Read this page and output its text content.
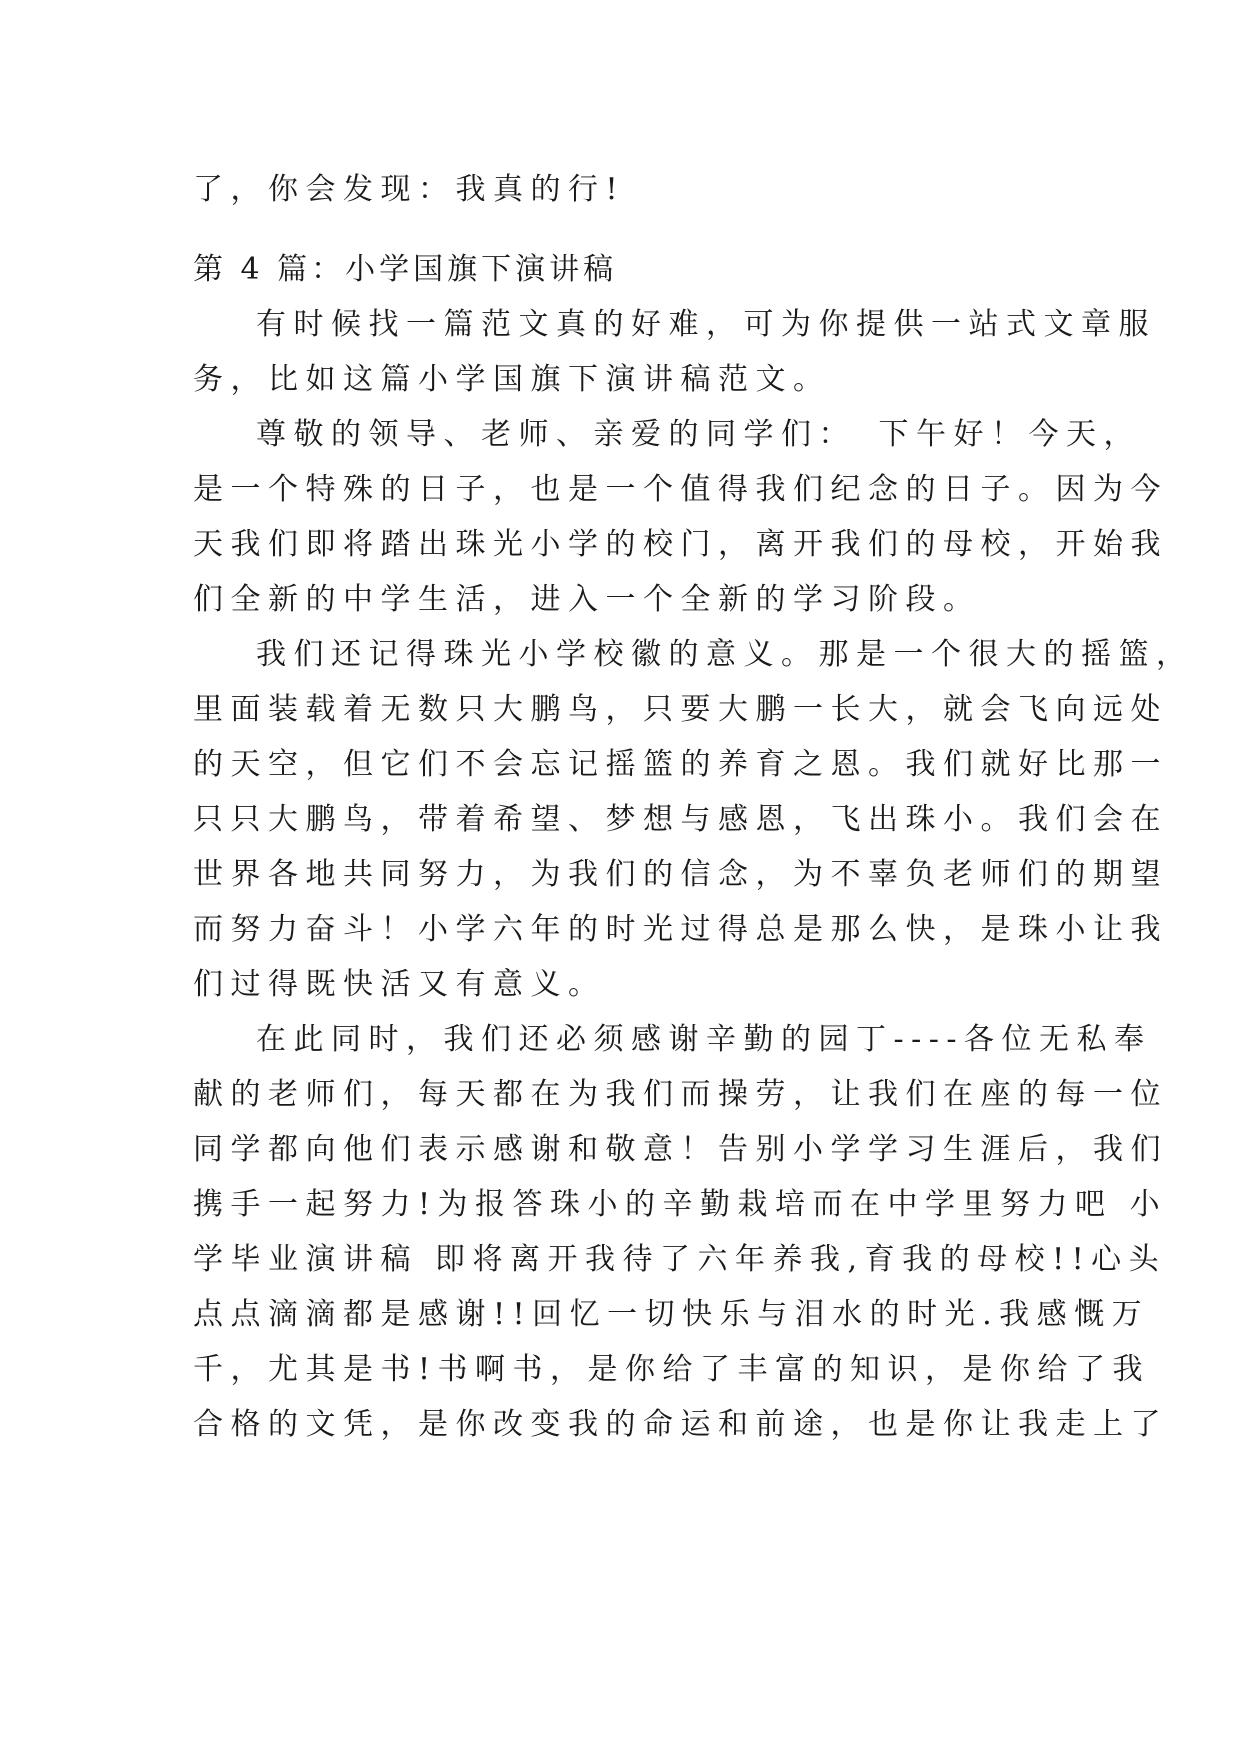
了，你会发现：我真的行!
第 4 篇：小学国旗下演讲稿
有时候找一篇范文真的好难，可为你提供一站式文章服
务，比如这篇小学国旗下演讲稿范文。
尊敬的领导、老师、亲爱的同学们：　下午好！今天，
是一个特殊的日子，也是一个值得我们纪念的日子。因为今
天我们即将踏出珠光小学的校门，离开我们的母校，开始我
们全新的中学生活，进入一个全新的学习阶段。
我们还记得珠光小学校徽的意义。那是一个很大的摇篮，
里面装载着无数只大鹏鸟，只要大鹏一长大，就会飞向远处
的天空，但它们不会忘记摇篮的养育之恩。我们就好比那一
只只大鹏鸟，带着希望、梦想与感恩，飞出珠小。我们会在
世界各地共同努力，为我们的信念，为不辜负老师们的期望
而努力奋斗！小学六年的时光过得总是那么快，是珠小让我
们过得既快活又有意义。
在此同时，我们还必须感谢辛勤的园丁----各位无私奉
献的老师们，每天都在为我们而操劳，让我们在座的每一位
同学都向他们表示感谢和敬意！告别小学学习生涯后，我们
携手一起努力!为报答珠小的辛勤栽培而在中学里努力吧 小
学毕业演讲稿 即将离开我待了六年养我,育我的母校!!心头
点点滴滴都是感谢!!回忆一切快乐与泪水的时光.我感慨万
千，尤其是书!书啊书，是你给了丰富的知识，是你给了我
合格的文凭，是你改变我的命运和前途，也是你让我走上了
